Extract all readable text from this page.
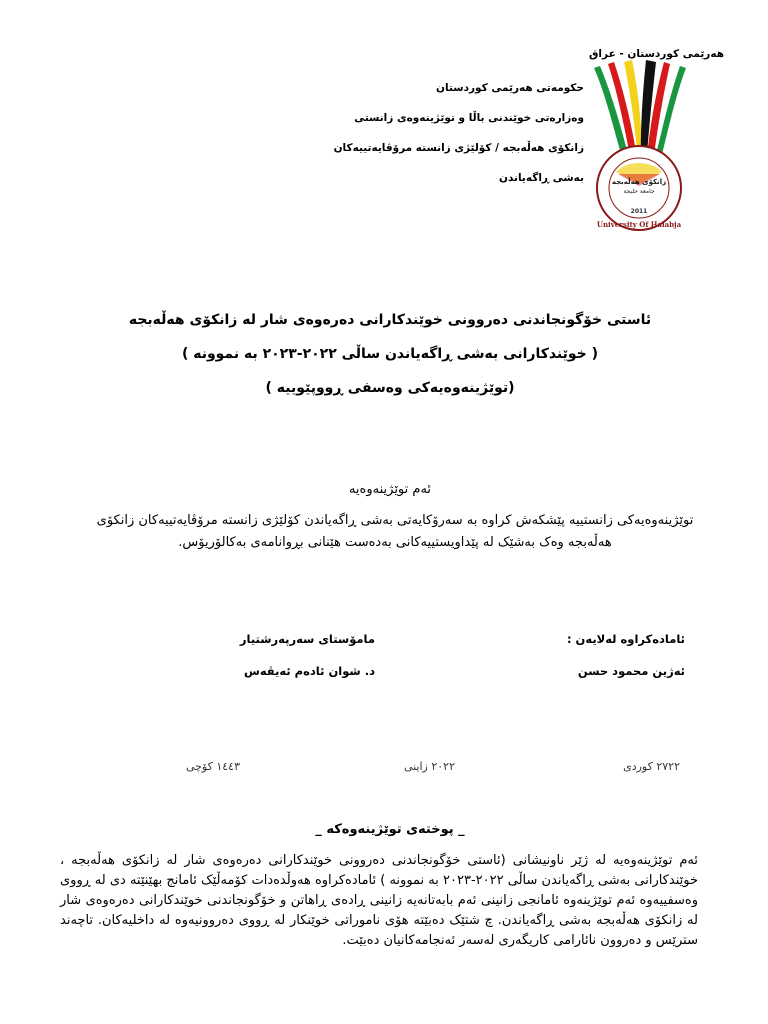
هەرێمی کوردستان - عراق
حکومەتی هەرێمی کوردستان
وەزارەتی خوێندنی باڵا و توێژینەوەی زانستی
زانکۆی هەڵەبجە / کۆلێژی زانستە مرۆڤایەتییەکان
بەشی ڕاگەیاندن	زانکۆی هەڵەبجە
جامعة حلبجة
2011
University Of Halabja
ئاستی خۆگونجاندنی دەروونی خوێندکارانی دەرەوەی شار لە زانکۆی هەڵەبجە
( خوێندکارانی بەشی ڕاگەیاندن ساڵی ٢٠٢٢-٢٠٢٣ بە نموونە )
(توێژینەوەیەکی وەسفی ڕووپێوییە )
ئەم توێژینەوەیە
توێژینەوەیەکی زانستییە پێشکەش کراوە بە سەرۆکایەتی بەشی ڕاگەیاندن کۆلێژی زانستە مرۆڤایەتییەکان زانکۆی هەڵەبجە وەک بەشێک لە پێداویستییەکانی بەدەست هێنانی بڕوانامەی بەکالۆریۆس.
ئامادەکراوە لەلایەن :
مامۆستای سەرپەرشتیار
ئەژین محمود حسن
د. شوان ئادەم ئەیڤەس
٢٧٢٢ کوردی
٢٠٢٢ زاینی
١٤٤٣ کۆچی
_ پوختەی توێژینەوەکە _
ئەم توێژینەوەیە لە ژێر ناونیشانی (ئاستی خۆگونجاندنی دەروونی خوێندکارانی دەرەوەی شار لە زانکۆی هەڵەبجە ، خوێندکارانی بەشی ڕاگەیاندن ساڵی ٢٠٢٢-٢٠٢٣ بە نموونە ) ئامادەکراوە هەوڵدەدات کۆمەڵێک ئامانج بهێنێتە دی لە ڕووی وەسفییەوە ئەم توێژینەوە ئامانجی زانینی ئەم بابەتانەیە زانینی ڕادەی ڕاهاتن و خۆگونجاندنی خوێندکارانی دەرەوەی شار لە زانکۆی هەڵەبجە بەشی ڕاگەیاندن. چ شتێک دەبێتە هۆی ناموراتی خوێنکار لە ڕووی دەروونیەوە لە داخلیەکان. تاچەند سترێس و دەروون نائارامی کاریگەری لەسەر ئەنجامەکانیان دەبێت.
